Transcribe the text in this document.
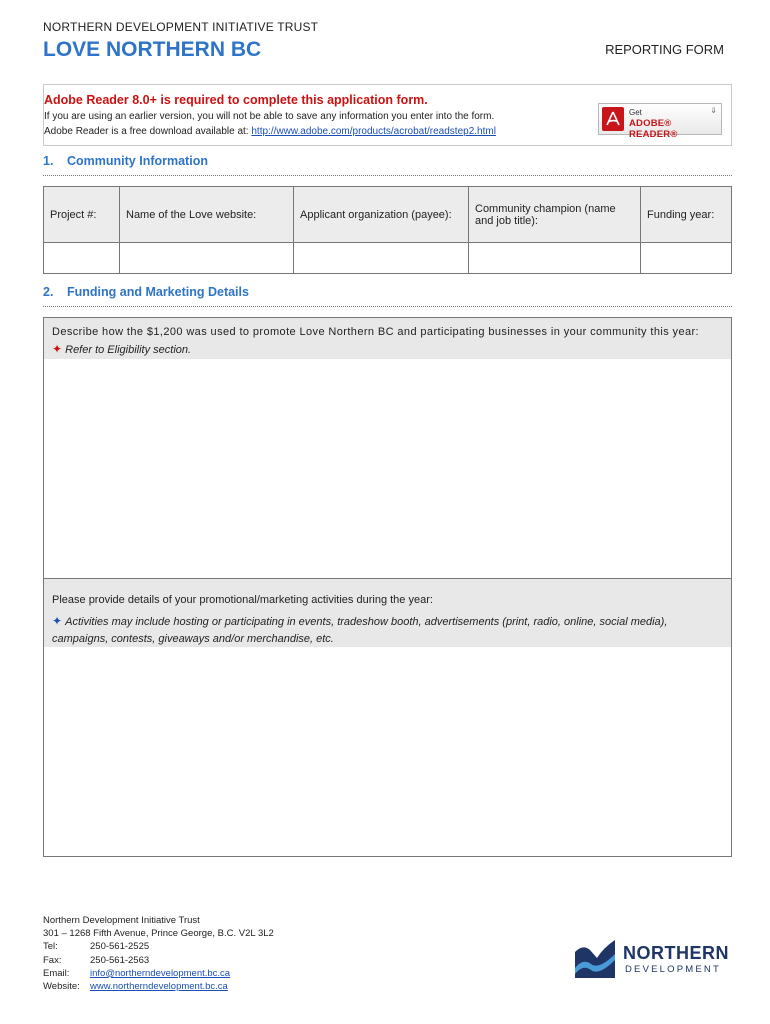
NORTHERN DEVELOPMENT INITIATIVE TRUST
LOVE NORTHERN BC	REPORTING FORM
Adobe Reader 8.0+ is required to complete this application form.
If you are using an earlier version, you will not be able to save any information you enter into the form.
Adobe Reader is a free download available at: http://www.adobe.com/products/acrobat/readstep2.html
Get
ADOBE® READER®
⇓
1. Community Information
Project #:	Name of the Love website:	Applicant organization (payee):	Community champion (name and job title):	Funding year:

2. Funding and Marketing Details
Describe how the $1,200 was used to promote Love Northern BC and participating businesses in your community this year:
✦ Refer to Eligibility section.
Please provide details of your promotional/marketing activities during the year:
✦ Activities may include hosting or participating in events, tradeshow booth, advertisements (print, radio, online, social media), campaigns, contests, giveaways and/or merchandise, etc.
Northern Development Initiative Trust
301 – 1268 Fifth Avenue, Prince George, B.C. V2L 3L2
Tel:	250-561-2525
Fax:	250-561-2563
Email:	info@northerndevelopment.bc.ca
Website:	www.northerndevelopment.bc.ca
NORTHERN
DEVELOPMENT
